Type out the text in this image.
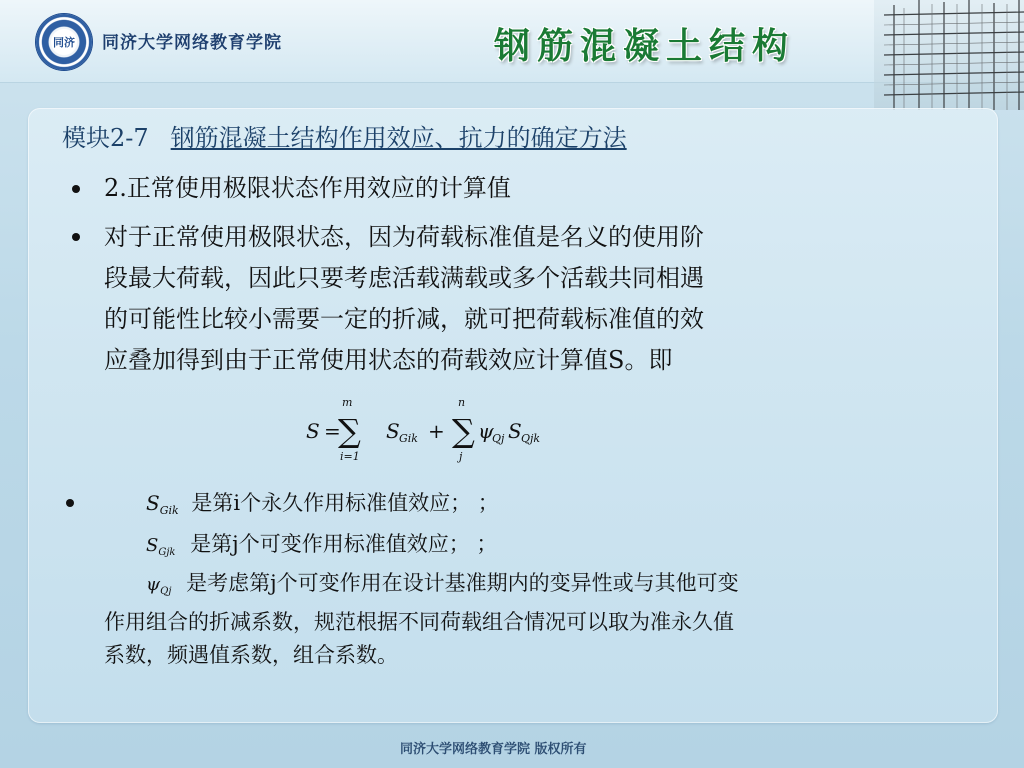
同济 同济大学网络教育学院	钢筋混凝土结构
模块2-7 钢筋混凝土结构作用效应、抗力的确定方法
2.正常使用极限状态作用效应的计算值
对于正常使用极限状态，因为荷载标准值是名义的使用阶
段最大荷载，因此只要考虑活载满载或多个活载共同相遇
的可能性比较小需要一定的折减，就可把荷载标准值的效
应叠加得到由于正常使用状态的荷载效应计算值S。即
S =
m
∑
i=1
S Gik +
n
∑
j
ψ
Qj S Qjk
SGik 是第i个永久作用标准值效应； ；
SGjk 是第j个可变作用标准值效应； ；
ψQj 是考虑第j个可变作用在设计基准期内的变异性或与其他可变
作用组合的折减系数，规范根据不同荷载组合情况可以取为准永久值
系数，频遇值系数，组合系数。
同济大学网络教育学院 版权所有
